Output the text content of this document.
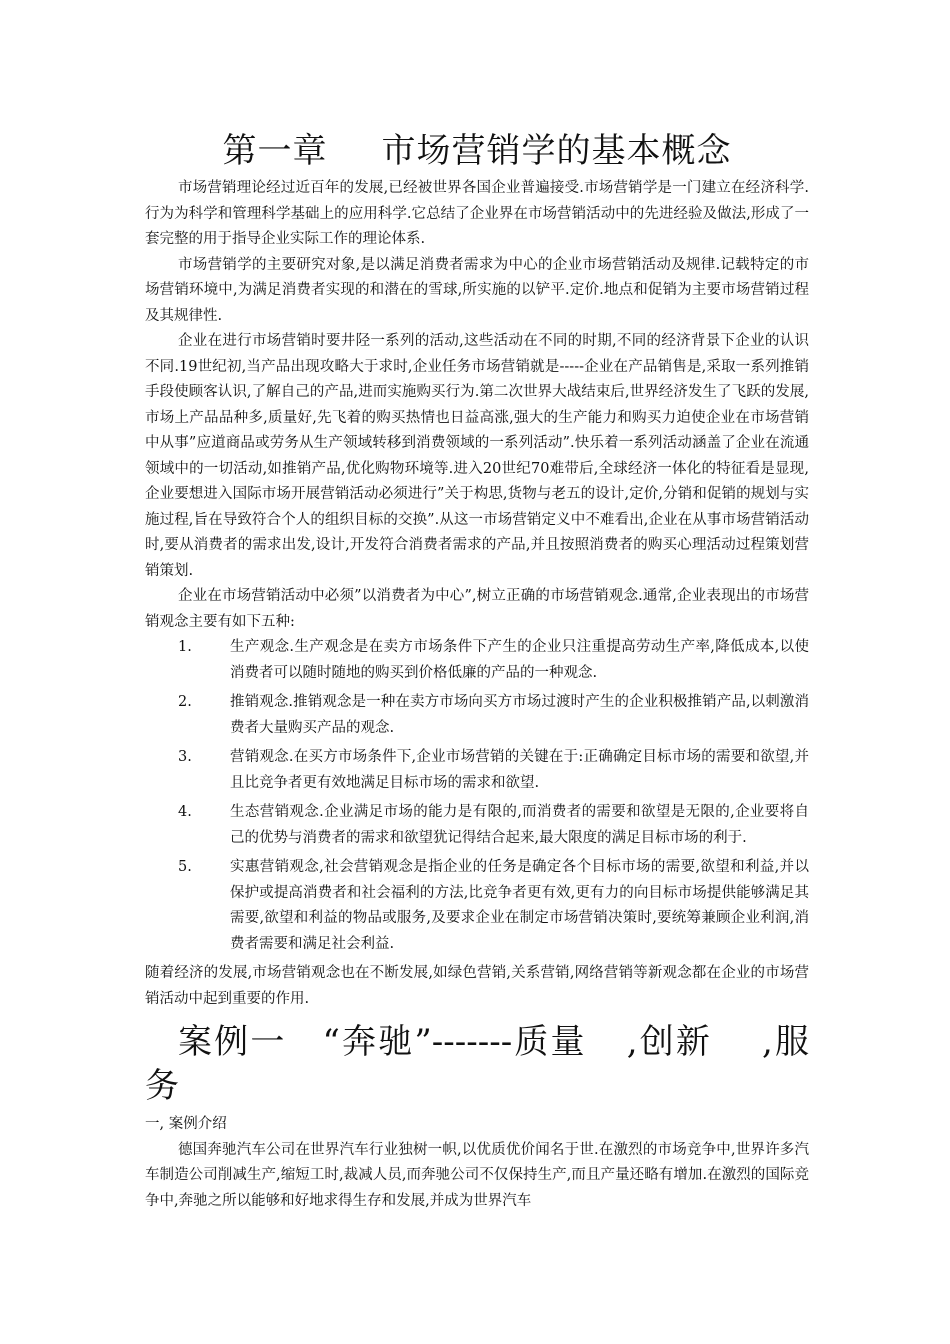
第一章 市场营销学的基本概念

市场营销理论经过近百年的发展,已经被世界各国企业普遍接受.市场营销学是一门建立在经济科学.行为为科学和管理科学基础上的应用科学.它总结了企业界在市场营销活动中的先进经验及做法,形成了一套完整的用于指导企业实际工作的理论体系.

市场营销学的主要研究对象,是以满足消费者需求为中心的企业市场营销活动及规律.记载特定的市场营销环境中,为满足消费者实现的和潜在的雪球,所实施的以铲平.定价.地点和促销为主要市场营销过程及其规律性.

企业在进行市场营销时要井陉一系列的活动,这些活动在不同的时期,不同的经济背景下企业的认识不同.19世纪初,当产品出现攻略大于求时,企业任务市场营销就是-----企业在产品销售是,采取一系列推销手段使顾客认识,了解自己的产品,进而实施购买行为.第二次世界大战结束后,世界经济发生了飞跃的发展,市场上产品品种多,质量好,先飞着的购买热情也日益高涨,强大的生产能力和购买力迫使企业在市场营销中从事”应道商品或劳务从生产领域转移到消费领域的一系列活动”.快乐着一系列活动涵盖了企业在流通领域中的一切活动,如推销产品,优化购物环境等.进入20世纪70难带后,全球经济一体化的特征看是显现,企业要想进入国际市场开展营销活动必须进行”关于构思,货物与老五的设计,定价,分销和促销的规划与实施过程,旨在导致符合个人的组织目标的交换”.从这一市场营销定义中不难看出,企业在从事市场营销活动时,要从消费者的需求出发,设计,开发符合消费者需求的产品,并且按照消费者的购买心理活动过程策划营销策划.

企业在市场营销活动中必须”以消费者为中心”,树立正确的市场营销观念.通常,企业表现出的市场营销观念主要有如下五种:

1.	生产观念.生产观念是在卖方市场条件下产生的企业只注重提高劳动生产率,降低成本,以使消费者可以随时随地的购买到价格低廉的产品的一种观念.
2.	推销观念.推销观念是一种在卖方市场向买方市场过渡时产生的企业积极推销产品,以刺激消费者大量购买产品的观念.
3.	营销观念.在买方市场条件下,企业市场营销的关键在于:正确确定目标市场的需要和欲望,并且比竞争者更有效地满足目标市场的需求和欲望.
4.	生态营销观念.企业满足市场的能力是有限的,而消费者的需要和欲望是无限的,企业要将自己的优势与消费者的需求和欲望犹记得结合起来,最大限度的满足目标市场的利于.
5.	实惠营销观念,社会营销观念是指企业的任务是确定各个目标市场的需要,欲望和利益,并以保护或提高消费者和社会福利的方法,比竞争者更有效,更有力的向目标市场提供能够满足其需要,欲望和利益的物品或服务,及要求企业在制定市场营销决策时,要统筹兼顾企业利润,消费者需要和满足社会利益.

随着经济的发展,市场营销观念也在不断发展,如绿色营销,关系营销,网络营销等新观念都在企业的市场营销活动中起到重要的作用.

案例一 “奔驰”-------质量 ,创新 ,服务

一, 案例介绍

德国奔驰汽车公司在世界汽车行业独树一帜,以优质优价闻名于世.在激烈的市场竞争中,世界许多汽车制造公司削减生产,缩短工时,裁减人员,而奔驰公司不仅保持生产,而且产量还略有增加.在激烈的国际竞争中,奔驰之所以能够和好地求得生存和发展,并成为世界汽车
